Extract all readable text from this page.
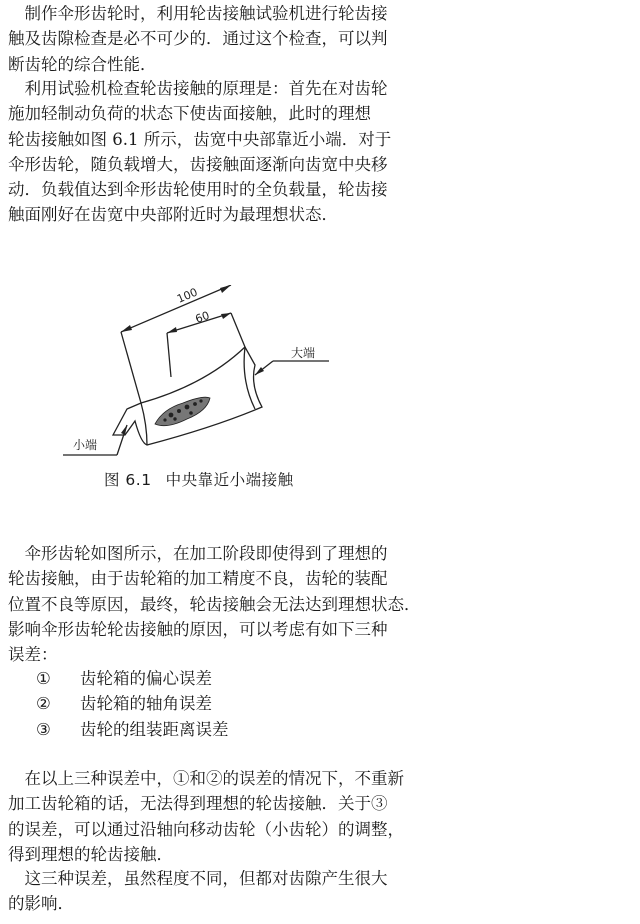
　制作伞形齿轮时，利用轮齿接触试验机进行轮齿接
触及齿隙检查是必不可少的．通过这个检查，可以判
断齿轮的综合性能．
　利用试验机检查轮齿接触的原理是：首先在对齿轮
施加轻制动负荷的状态下使齿面接触，此时的理想
轮齿接触如图 6.1 所示，齿宽中央部靠近小端．对于
伞形齿轮，随负载增大，齿接触面逐渐向齿宽中央移
动．负载值达到伞形齿轮使用时的全负载量，轮齿接
触面刚好在齿宽中央部附近时为最理想状态．
100
60
大端
小端
图 6.1 中央靠近小端接触
　伞形齿轮如图所示，在加工阶段即使得到了理想的
轮齿接触，由于齿轮箱的加工精度不良，齿轮的装配
位置不良等原因，最终，轮齿接触会无法达到理想状态．
影响伞形齿轮轮齿接触的原因，可以考虑有如下三种
误差：
① 齿轮箱的偏心误差
② 齿轮箱的轴角误差
③ 齿轮的组装距离误差
　在以上三种误差中，①和②的误差的情况下，不重新
加工齿轮箱的话，无法得到理想的轮齿接触．关于③
的误差，可以通过沿轴向移动齿轮（小齿轮）的调整，
得到理想的轮齿接触．
　这三种误差，虽然程度不同，但都对齿隙产生很大
的影响．
